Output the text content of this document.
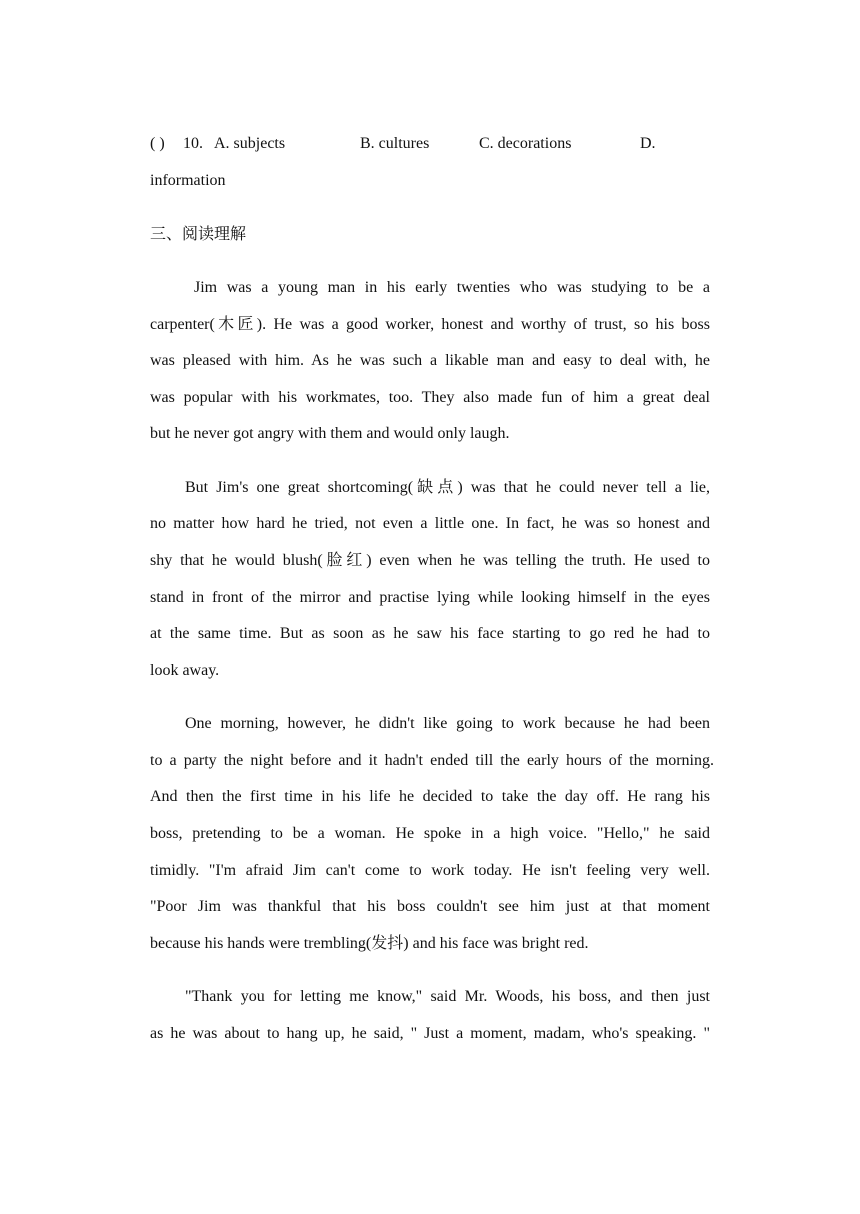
( ) 10. A. subjects	B. cultures	C. decorations	D.
information
三、阅读理解
Jim was a young man in his early twenties who was studying to be a
carpenter(木匠). He was a good worker, honest and worthy of trust, so his boss
was pleased with him. As he was such a likable man and easy to deal with, he
was popular with his workmates, too. They also made fun of him a great deal
but he never got angry with them and would only laugh.
But Jim's one great shortcoming(缺点) was that he could never tell a lie,
no matter how hard he tried, not even a little one. In fact, he was so honest and
shy that he would blush(脸红) even when he was telling the truth. He used to
stand in front of the mirror and practise lying while looking himself in the eyes
at the same time. But as soon as he saw his face starting to go red he had to
look away.
One morning, however, he didn't like going to work because he had been
to a party the night before and it hadn't ended till the early hours of the morning.
And then the first time in his life he decided to take the day off. He rang his
boss, pretending to be a woman. He spoke in a high voice. "Hello," he said
timidly. "I'm afraid Jim can't come to work today. He isn't feeling very well.
"Poor Jim was thankful that his boss couldn't see him just at that moment
because his hands were trembling(发抖) and his face was bright red.
"Thank you for letting me know," said Mr. Woods, his boss, and then just
as he was about to hang up, he said, " Just a moment, madam, who's speaking. "
